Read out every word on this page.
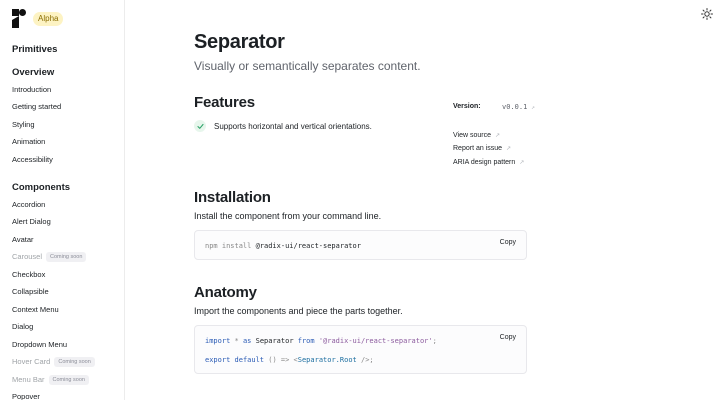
Alpha
Primitives
Overview
Introduction
Getting started
Styling
Animation
Accessibility
Components
Accordion
Alert Dialog
Avatar
Carousel Coming soon
Checkbox
Collapsible
Context Menu
Dialog
Dropdown Menu
Hover Card Coming soon
Menu Bar Coming soon
Popover
Separator

Visually or semantically separates content.

Features
Supports horizontal and vertical orientations.
Version:	v0.0.1 ↗
View source ↗
Report an issue ↗
ARIA design pattern ↗
Installation

Install the component from your command line.

npm install @radix-ui/react-separator	Copy
Anatomy

Import the components and piece the parts together.

import * as Separator from '@radix-ui/react-separator';
export default () => <Separator.Root />;
Copy
